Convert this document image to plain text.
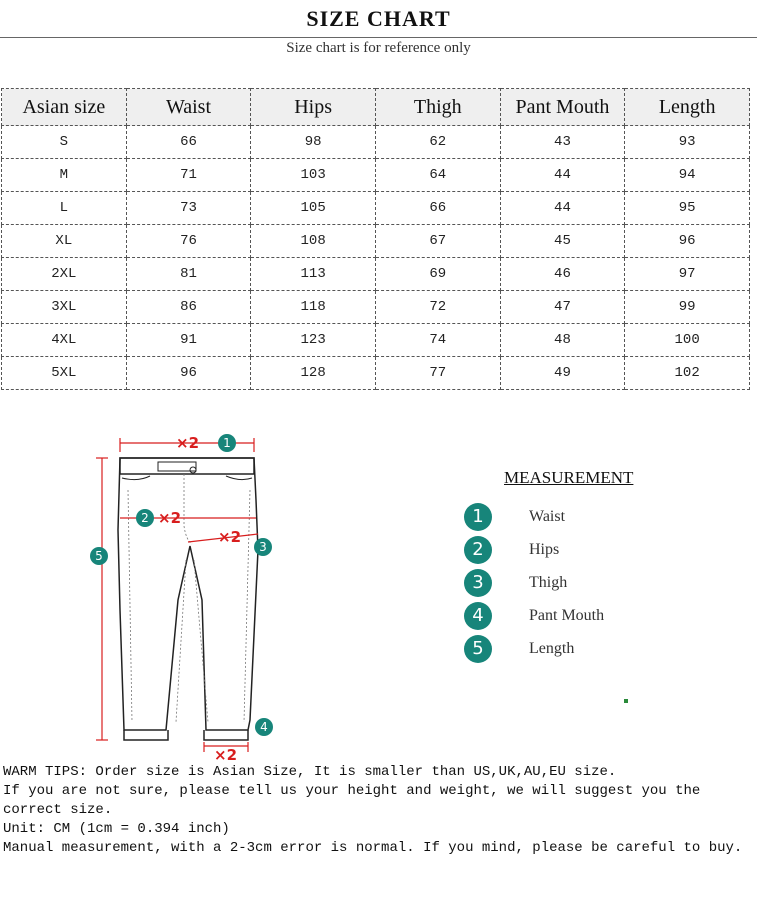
SIZE CHART
Size chart is for reference only
Asian size	Waist	Hips	Thigh	Pant Mouth	Length
S	66	98	62	43	93
M	71	103	64	44	94
L	73	105	66	44	95
XL	76	108	67	45	96
2XL	81	113	69	46	97
3XL	86	118	72	47	99
4XL	91	123	74	48	100
5XL	96	128	77	49	102
×2
×2
×2
×2
1
2
3
4
5
MEASUREMENT
1	Waist
2	Hips
3	Thigh
4	Pant Mouth
5	Length
WARM TIPS: Order size is Asian Size, It is smaller than US,UK,AU,EU size.
If you are not sure, please tell us your height and weight, we will suggest you the correct size.
Unit: CM (1cm = 0.394 inch)
Manual measurement, with a 2-3cm error is normal. If you mind, please be careful to buy.
